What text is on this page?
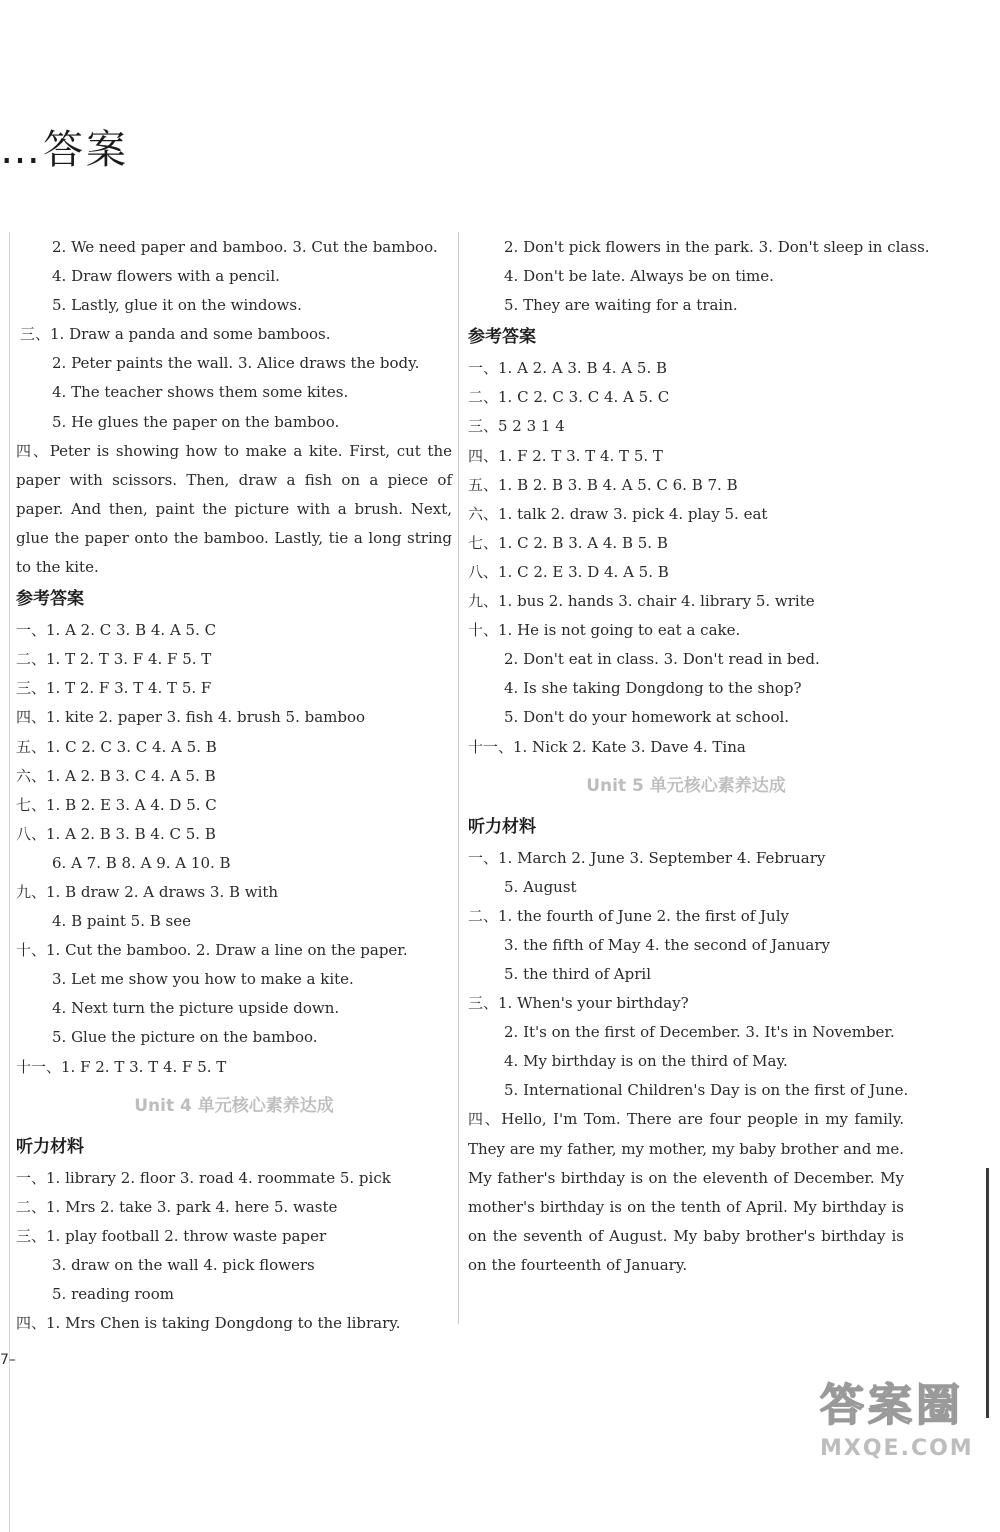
…答案
2. We need paper and bamboo. 3. Cut the bamboo.
4. Draw flowers with a pencil.
5. Lastly, glue it on the windows.
三、1. Draw a panda and some bamboos.
2. Peter paints the wall. 3. Alice draws the body.
4. The teacher shows them some kites.
5. He glues the paper on the bamboo.

四、Peter is showing how to make a kite. First, cut the paper with scissors. Then, draw a fish on a piece of paper. And then, paint the picture with a brush. Next, glue the paper onto the bamboo. Lastly, tie a long string to the kite.

参考答案
一、1. A 2. C 3. B 4. A 5. C
二、1. T 2. T 3. F 4. F 5. T
三、1. T 2. F 3. T 4. T 5. F
四、1. kite 2. paper 3. fish 4. brush 5. bamboo
五、1. C 2. C 3. C 4. A 5. B
六、1. A 2. B 3. C 4. A 5. B
七、1. B 2. E 3. A 4. D 5. C
八、1. A 2. B 3. B 4. C 5. B
6. A 7. B 8. A 9. A 10. B
九、1. B draw 2. A draws 3. B with
4. B paint 5. B see
十、1. Cut the bamboo. 2. Draw a line on the paper.
3. Let me show you how to make a kite.
4. Next turn the picture upside down.
5. Glue the picture on the bamboo.
十一、1. F 2. T 3. T 4. F 5. T
Unit 4 单元核心素养达成
听力材料
一、1. library 2. floor 3. road 4. roommate 5. pick
二、1. Mrs 2. take 3. park 4. here 5. waste
三、1. play football 2. throw waste paper
3. draw on the wall 4. pick flowers
5. reading room
四、1. Mrs Chen is taking Dongdong to the library.
2. Don't pick flowers in the park. 3. Don't sleep in class.
4. Don't be late. Always be on time.
5. They are waiting for a train.
参考答案
一、1. A 2. A 3. B 4. A 5. B
二、1. C 2. C 3. C 4. A 5. C
三、5 2 3 1 4
四、1. F 2. T 3. T 4. T 5. T
五、1. B 2. B 3. B 4. A 5. C 6. B 7. B
六、1. talk 2. draw 3. pick 4. play 5. eat
七、1. C 2. B 3. A 4. B 5. B
八、1. C 2. E 3. D 4. A 5. B
九、1. bus 2. hands 3. chair 4. library 5. write
十、1. He is not going to eat a cake.
2. Don't eat in class. 3. Don't read in bed.
4. Is she taking Dongdong to the shop?
5. Don't do your homework at school.
十一、1. Nick 2. Kate 3. Dave 4. Tina
Unit 5 单元核心素养达成
听力材料
一、1. March 2. June 3. September 4. February
5. August
二、1. the fourth of June 2. the first of July
3. the fifth of May 4. the second of January
5. the third of April
三、1. When's your birthday?
2. It's on the first of December. 3. It's in November.
4. My birthday is on the third of May.
5. International Children's Day is on the first of June.

四、Hello, I'm Tom. There are four people in my family. They are my father, my mother, my baby brother and me. My father's birthday is on the eleventh of December. My mother's birthday is on the tenth of April. My birthday is on the seventh of August. My baby brother's birthday is on the fourteenth of January.

7–
答案圈
MXQE.COM
